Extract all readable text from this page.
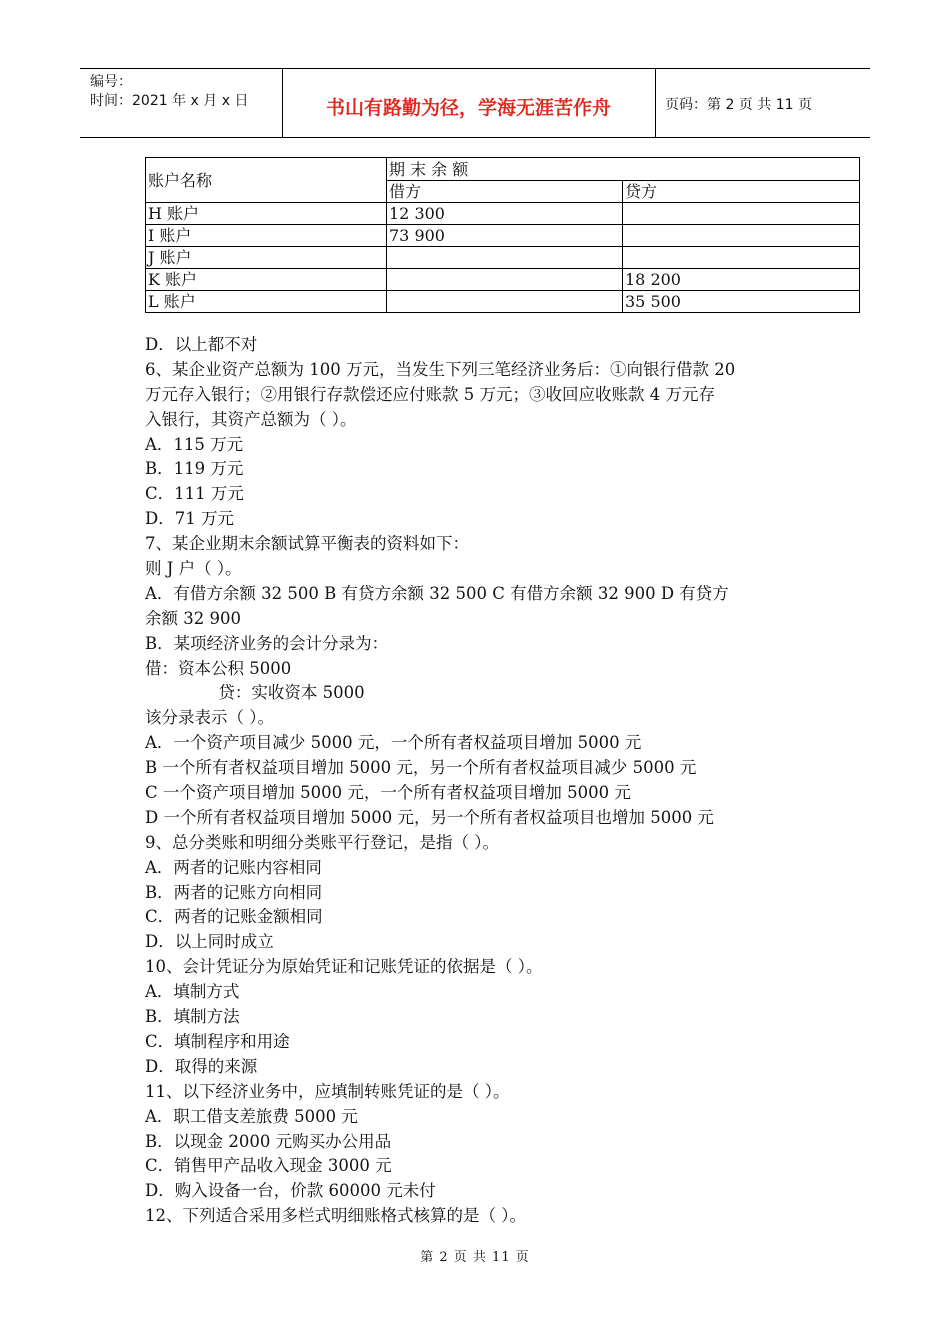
编号：
时间：2021 年 x 月 x 日	书山有路勤为径，学海无涯苦作舟	页码：第 2 页 共 11 页
账户名称	期 末 余 额	
	借方	贷方
H 账户	12 300	
I 账户	73 900	
J 账户		
K 账户		18 200
L 账户		35 500
D．以上都不对
6、某企业资产总额为 100 万元，当发生下列三笔经济业务后：①向银行借款 20
万元存入银行；②用银行存款偿还应付账款 5 万元；③收回应收账款 4 万元存
入银行，其资产总额为（ ）。
A．115 万元
B．119 万元
C．111 万元
D．71 万元
7、某企业期末余额试算平衡表的资料如下：
则 J 户（ ）。
A．有借方余额 32 500 B 有贷方余额 32 500 C 有借方余额 32 900 D 有贷方
余额 32 900
B．某项经济业务的会计分录为：
借：资本公积 5000
贷：实收资本 5000
该分录表示（ ）。
A．一个资产项目减少 5000 元，一个所有者权益项目增加 5000 元
B 一个所有者权益项目增加 5000 元，另一个所有者权益项目减少 5000 元
C 一个资产项目增加 5000 元，一个所有者权益项目增加 5000 元
D 一个所有者权益项目增加 5000 元，另一个所有者权益项目也增加 5000 元
9、总分类账和明细分类账平行登记，是指（ ）。
A．两者的记账内容相同
B．两者的记账方向相同
C．两者的记账金额相同
D．以上同时成立
10、会计凭证分为原始凭证和记账凭证的依据是（ ）。
A．填制方式
B．填制方法
C．填制程序和用途
D．取得的来源
11、以下经济业务中，应填制转账凭证的是（ ）。
A．职工借支差旅费 5000 元
B．以现金 2000 元购买办公用品
C．销售甲产品收入现金 3000 元
D．购入设备一台，价款 60000 元未付
12、下列适合采用多栏式明细账格式核算的是（ ）。
第 2 页 共 11 页
